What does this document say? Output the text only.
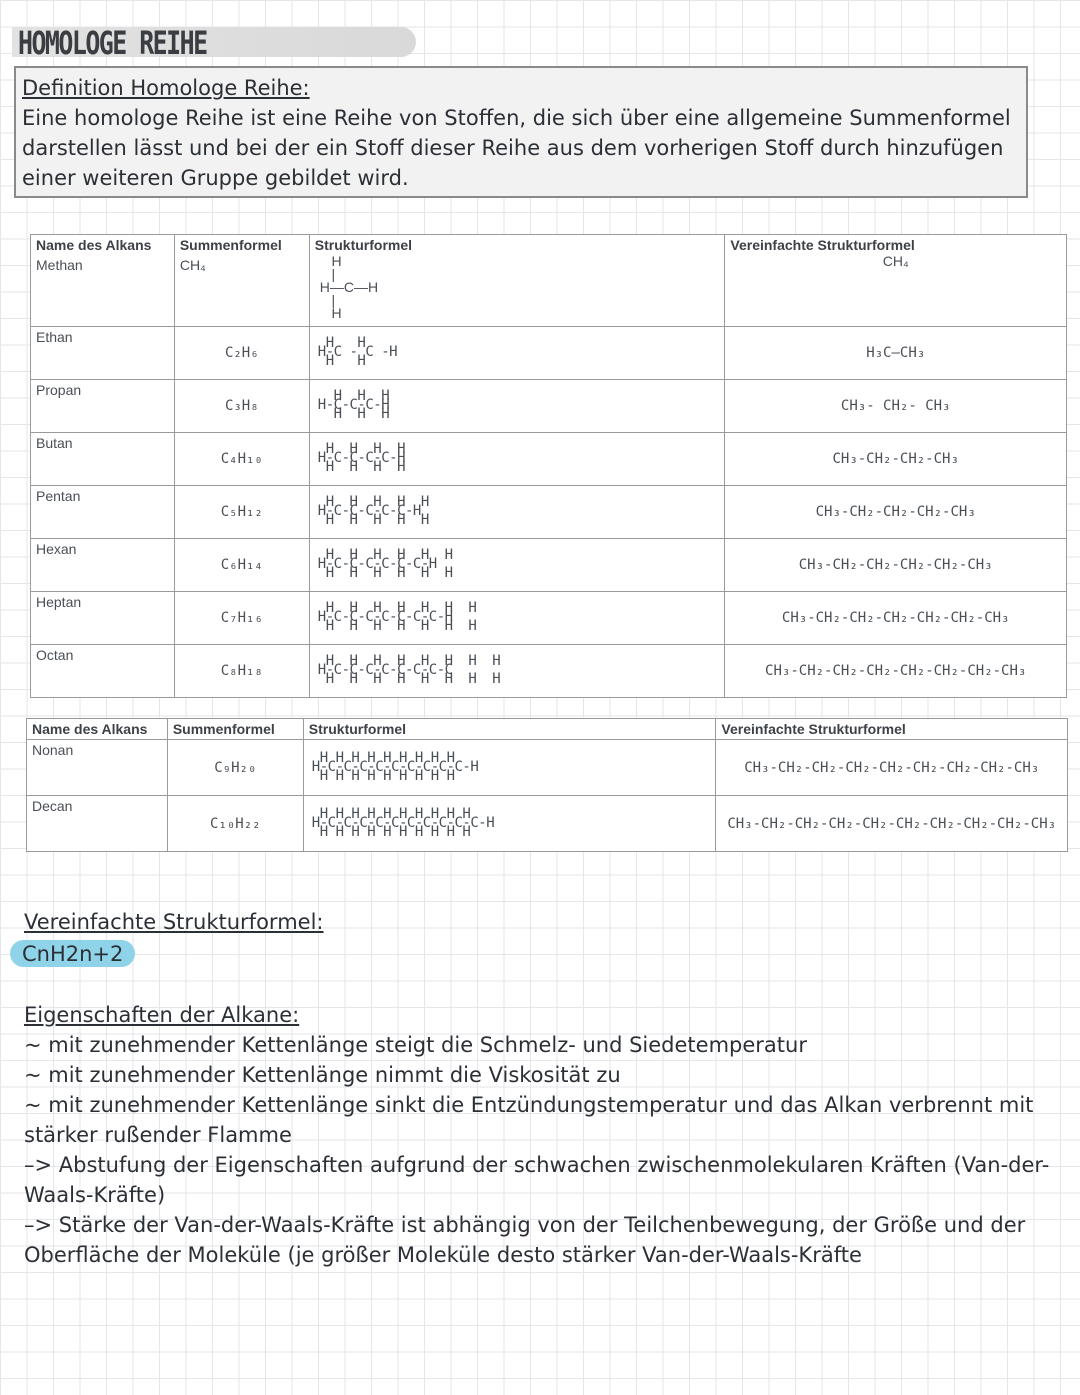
HOMOLOGE REIHE
Definition Homologe Reihe:
Eine homologe Reihe ist eine Reihe von Stoffen, die sich über eine allgemeine Summenformel darstellen lässt und bei der ein Stoff dieser Reihe aus dem vorherigen Stoff durch hinzufügen einer weiteren Gruppe gebildet wird.
Name des Alkans	Summenformel	Strukturformel	Vereinfachte Strukturformel
Methan	CH₄	H
|
H—C—H
|
H	CH₄
Ethan	C₂H₆	H   H
H-C - C -H
H   H	H₃C—CH₃
Propan	C₃H₈	H  H  H
H-C-C-C-H
H  H  H	CH₃- CH₂- CH₃
Butan	C₄H₁₀	H  H  H  H
H-C-C-C-C-H
H  H  H  H	CH₃-CH₂-CH₂-CH₃
Pentan	C₅H₁₂	H  H  H  H  H
H-C-C-C-C-C-H
H  H  H  H  H	CH₃-CH₂-CH₂-CH₂-CH₃
Hexan	C₆H₁₄	H  H  H  H  H  H
H-C-C-C-C-C-C-H
H  H  H  H  H  H	CH₃-CH₂-CH₂-CH₂-CH₂-CH₃
Heptan	C₇H₁₆	H  H  H  H  H  H  H
H-C-C-C-C-C-C-C-H
H  H  H  H  H  H  H	CH₃-CH₂-CH₂-CH₂-CH₂-CH₂-CH₃
Octan	C₈H₁₈	H  H  H  H  H  H  H  H
H-C-C-C-C-C-C-C-C
H  H  H  H  H  H  H  H	CH₃-CH₂-CH₂-CH₂-CH₂-CH₂-CH₂-CH₃
Name des Alkans	Summenformel	Strukturformel	Vereinfachte Strukturformel
Nonan	C₉H₂₀	H H H H H H H H H
H-C-C-C-C-C-C-C-C-C-H
H H H H H H H H H	CH₃-CH₂-CH₂-CH₂-CH₂-CH₂-CH₂-CH₂-CH₃
Decan	C₁₀H₂₂	H H H H H H H H H H
H-C-C-C-C-C-C-C-C-C-C-H
H H H H H H H H H H	CH₃-CH₂-CH₂-CH₂-CH₂-CH₂-CH₂-CH₂-CH₂-CH₃
Vereinfachte Strukturformel:
CnH2n+2
Eigenschaften der Alkane:
~ mit zunehmender Kettenlänge steigt die Schmelz- und Siedetemperatur
~ mit zunehmender Kettenlänge nimmt die Viskosität zu
~ mit zunehmender Kettenlänge sinkt die Entzündungstemperatur und das Alkan verbrennt mit stärker rußender Flamme
–> Abstufung der Eigenschaften aufgrund der schwachen zwischenmolekularen Kräften (Van-der-Waals-Kräfte)
–> Stärke der Van-der-Waals-Kräfte ist abhängig von der Teilchenbewegung, der Größe und der Oberfläche der Moleküle (je größer Moleküle desto stärker Van-der-Waals-Kräfte
